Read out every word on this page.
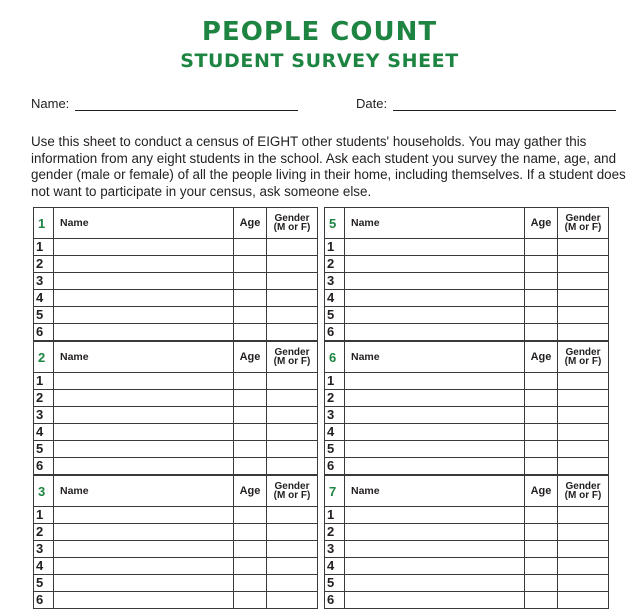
PEOPLE COUNT
STUDENT SURVEY SHEET
Name:	Date:
Use this sheet to conduct a census of EIGHT other students' households. You may gather this information from any eight students in the school. Ask each student you survey the name, age, and gender (male or female) of all the people living in their home, including themselves. If a student does not want to participate in your census, ask someone else.
1	Name	Age	Gender
(M or F)
1			
2			
3			
4			
5			
6			
2	Name	Age	Gender
(M or F)
1			
2			
3			
4			
5			
6			
3	Name	Age	Gender
(M or F)
1			
2			
3			
4			
5			
6			
5	Name	Age	Gender
(M or F)
1			
2			
3			
4			
5			
6			
6	Name	Age	Gender
(M or F)
1			
2			
3			
4			
5			
6			
7	Name	Age	Gender
(M or F)
1			
2			
3			
4			
5			
6			
